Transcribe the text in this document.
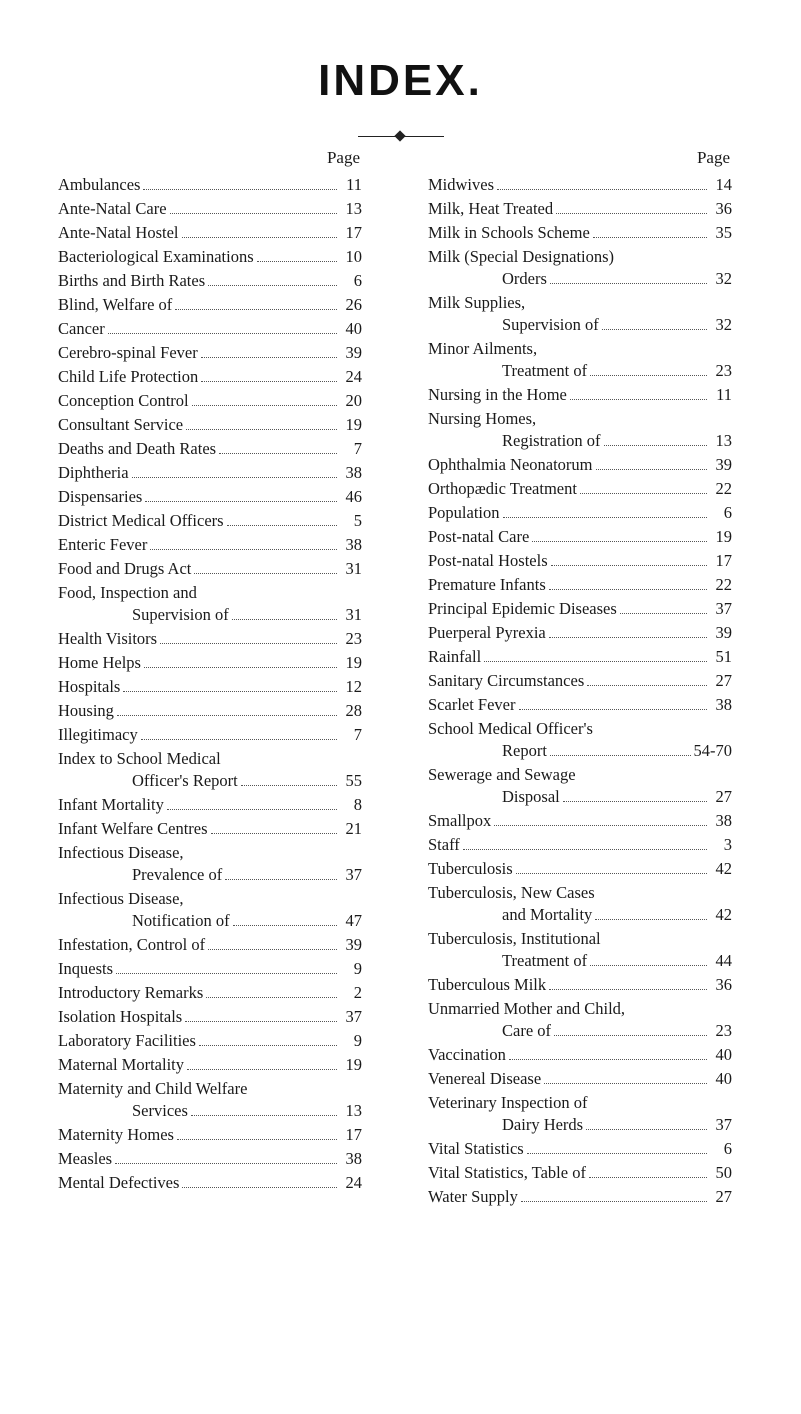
INDEX.
Page
Ambulances	11
Ante-Natal Care	13
Ante-Natal Hostel	17
Bacteriological Examinations	10
Births and Birth Rates	6
Blind, Welfare of	26
Cancer	40
Cerebro-spinal Fever	39
Child Life Protection	24
Conception Control	20
Consultant Service	19
Deaths and Death Rates	7
Diphtheria	38
Dispensaries	46
District Medical Officers	5
Enteric Fever	38
Food and Drugs Act	31
Food, Inspection and
Supervision of	31
Health Visitors	23
Home Helps	19
Hospitals	12
Housing	28
Illegitimacy	7
Index to School Medical
Officer's Report	55
Infant Mortality	8
Infant Welfare Centres	21
Infectious Disease,
Prevalence of	37
Infectious Disease,
Notification of	47
Infestation, Control of	39
Inquests	9
Introductory Remarks	2
Isolation Hospitals	37
Laboratory Facilities	9
Maternal Mortality	19
Maternity and Child Welfare
Services	13
Maternity Homes	17
Measles	38
Mental Defectives	24
Page
Midwives	14
Milk, Heat Treated	36
Milk in Schools Scheme	35
Milk (Special Designations)
Orders	32
Milk Supplies,
Supervision of	32
Minor Ailments,
Treatment of	23
Nursing in the Home	11
Nursing Homes,
Registration of	13
Ophthalmia Neonatorum	39
Orthopædic Treatment	22
Population	6
Post-natal Care	19
Post-natal Hostels	17
Premature Infants	22
Principal Epidemic Diseases	37
Puerperal Pyrexia	39
Rainfall	51
Sanitary Circumstances	27
Scarlet Fever	38
School Medical Officer's
Report	54-70
Sewerage and Sewage
Disposal	27
Smallpox	38
Staff	3
Tuberculosis	42
Tuberculosis, New Cases
and Mortality	42
Tuberculosis, Institutional
Treatment of	44
Tuberculous Milk	36
Unmarried Mother and Child,
Care of	23
Vaccination	40
Venereal Disease	40
Veterinary Inspection of
Dairy Herds	37
Vital Statistics	6
Vital Statistics, Table of	50
Water Supply	27
